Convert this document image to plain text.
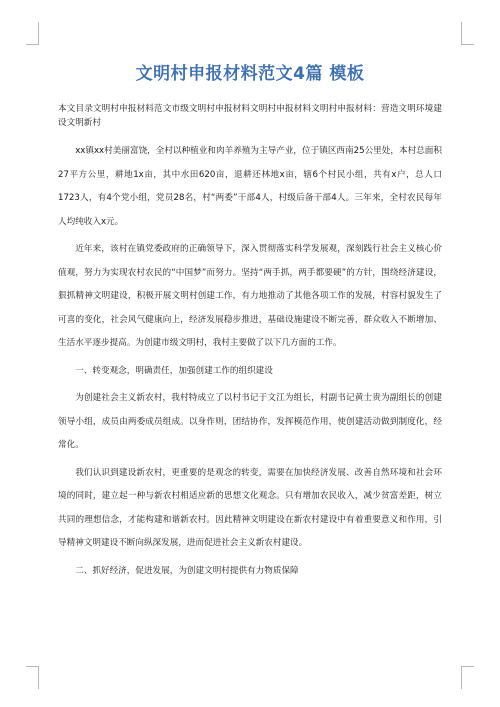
文明村申报材料范文4篇 模板

本文目录文明村申报材料范文市级文明村申报材料文明村申报材料文明村申报材料：营造文明环境建设文明新村

xx镇xx村美丽富饶，全村以种植业和肉羊养殖为主导产业，位于镇区西南25公里处，本村总面积27平方公里，耕地1x亩，其中水田620亩，退耕还林地x亩，辖6个村民小组，共有x户，总人口1723人，有4个党小组，党员28名，村“两委”干部4人，村级后备干部4人。三年来，全村农民每年人均纯收入x元。

近年来，该村在镇党委政府的正确领导下，深入贯彻落实科学发展观，深刻践行社会主义核心价值观，努力为实现农村农民的“中国梦”而努力。坚持“两手抓，两手都要硬”的方针，围绕经济建设，狠抓精神文明建设，积极开展文明村创建工作，有力地推动了其他各项工作的发展，村容村貌发生了可喜的变化，社会风气健康向上，经济发展稳步推进，基础设施建设不断完善，群众收入不断增加、生活水平逐步提高。为创建市级文明村，我村主要做了以下几方面的工作。

一、转变观念，明确责任，加强创建工作的组织建设

为创建社会主义新农村，我村特成立了以村书记于文江为组长，村副书记黄士贵为副组长的创建领导小组，成员由两委成员组成。以身作则，团结协作，发挥模范作用，使创建活动做到制度化，经常化。

我们认识到建设新农村，更重要的是观念的转变，需要在加快经济发展、改善自然环境和社会环境的同时，建立起一种与新农村相适应新的思想文化观念。只有增加农民收入，减少贫富差距，树立共同的理想信念，才能构建和谐新农村。因此精神文明建设在新农村建设中有着重要意义和作用，引导精神文明建设不断向纵深发展，进而促进社会主义新农村建设。

二、抓好经济，促进发展，为创建文明村提供有力物质保障
